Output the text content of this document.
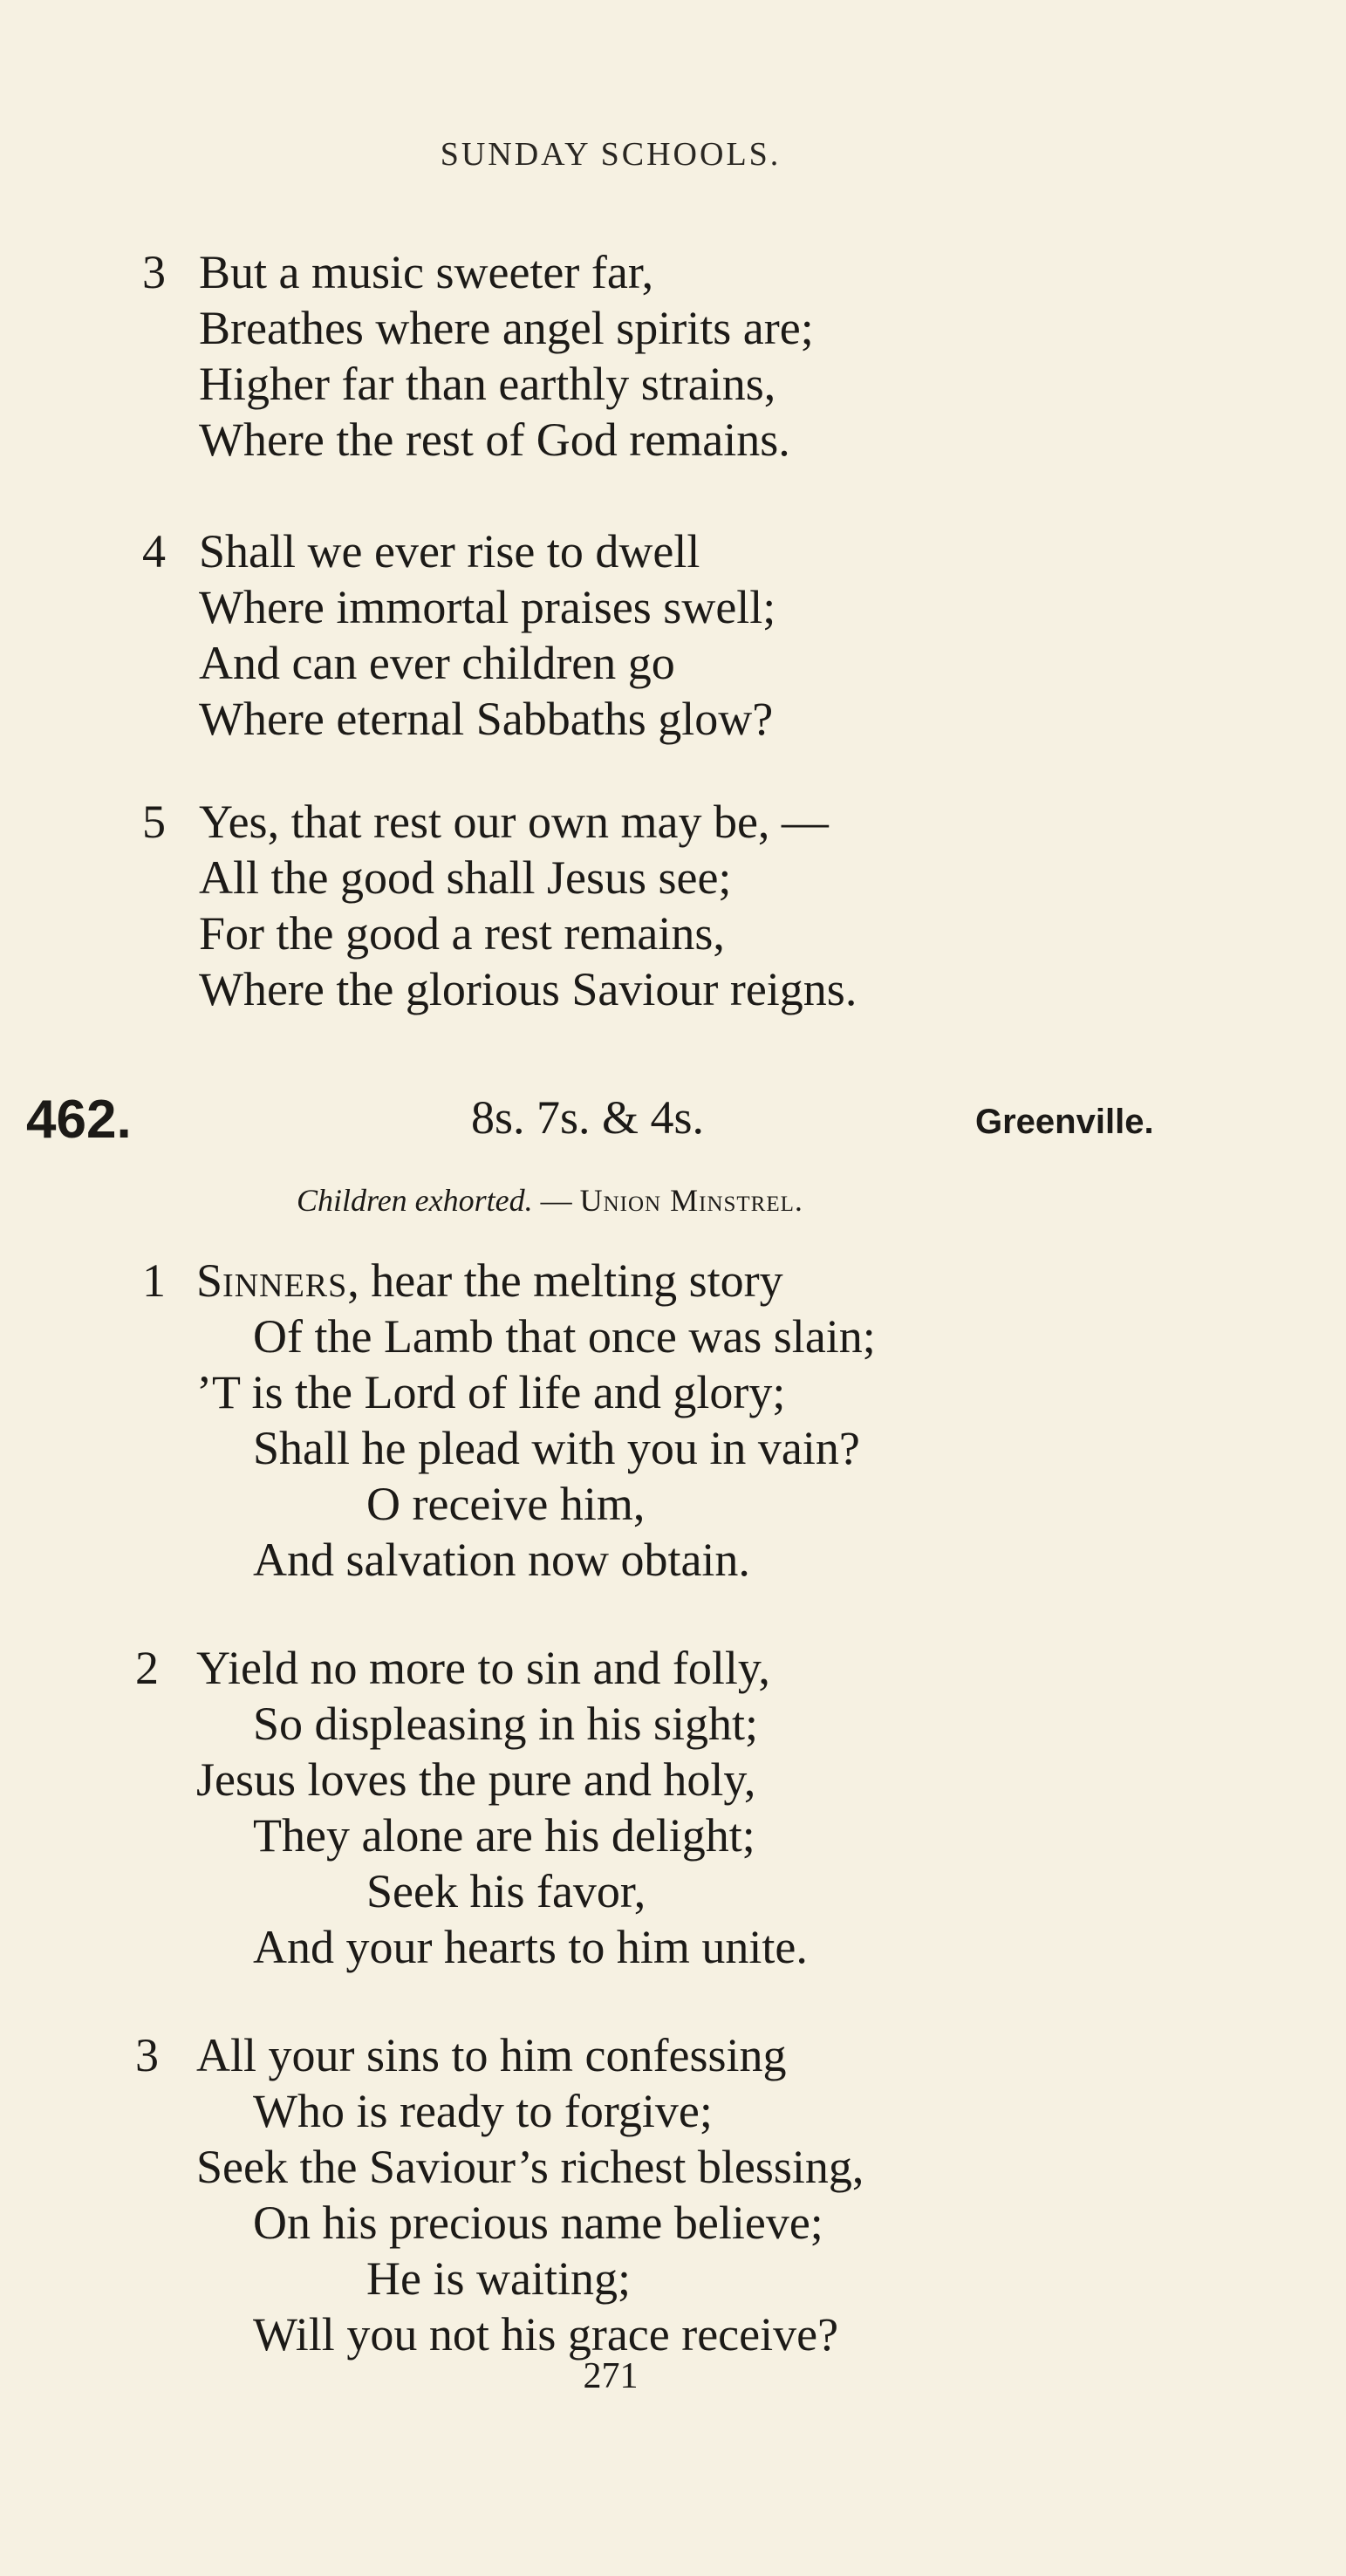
SUNDAY SCHOOLS.
3 But a music sweeter far,
Breathes where angel spirits are;
Higher far than earthly strains,
Where the rest of God remains.
4 Shall we ever rise to dwell
Where immortal praises swell;
And can ever children go
Where eternal Sabbaths glow?
5 Yes, that rest our own may be, —
All the good shall Jesus see;
For the good a rest remains,
Where the glorious Saviour reigns.
462.	8s. 7s. & 4s.	Greenville.
Children exhorted. — Union Minstrel.
1 Sinners, hear the melting story
Of the Lamb that once was slain;
’T is the Lord of life and glory;
Shall he plead with you in vain?
O receive him,
And salvation now obtain.
2 Yield no more to sin and folly,
So displeasing in his sight;
Jesus loves the pure and holy,
They alone are his delight;
Seek his favor,
And your hearts to him unite.
3 All your sins to him confessing
Who is ready to forgive;
Seek the Saviour’s richest blessing,
On his precious name believe;
He is waiting;
Will you not his grace receive?
271
